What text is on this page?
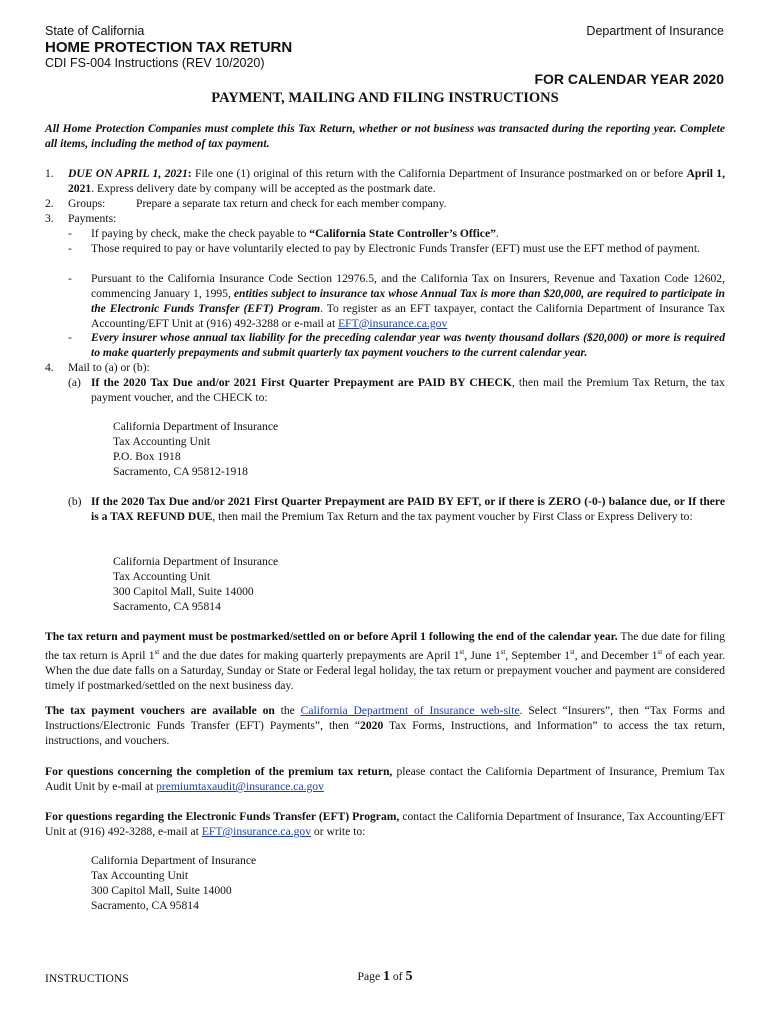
State of California	Department of Insurance
HOME PROTECTION TAX RETURN
CDI FS-004 Instructions (REV 10/2020)
FOR CALENDAR YEAR 2020
PAYMENT, MAILING AND FILING INSTRUCTIONS
All Home Protection Companies must complete this Tax Return, whether or not business was transacted during the reporting year. Complete all items, including the method of tax payment.
1. DUE ON APRIL 1, 2021: File one (1) original of this return with the California Department of Insurance postmarked on or before April 1, 2021. Express delivery date by company will be accepted as the postmark date.
2. Groups:	Prepare a separate tax return and check for each member company.
3. Payments:
- If paying by check, make the check payable to “California State Controller’s Office”.
- Those required to pay or have voluntarily elected to pay by Electronic Funds Transfer (EFT) must use the EFT method of payment.
- Pursuant to the California Insurance Code Section 12976.5, and the California Tax on Insurers, Revenue and Taxation Code 12602, commencing January 1, 1995, entities subject to insurance tax whose Annual Tax is more than $20,000, are required to participate in the Electronic Funds Transfer (EFT) Program. To register as an EFT taxpayer, contact the California Department of Insurance Tax Accounting/EFT Unit at (916) 492-3288 or e-mail at EFT@insurance.ca.gov
- Every insurer whose annual tax liability for the preceding calendar year was twenty thousand dollars ($20,000) or more is required to make quarterly prepayments and submit quarterly tax payment vouchers to the current calendar year.
4. Mail to (a) or (b):
(a) If the 2020 Tax Due and/or 2021 First Quarter Prepayment are PAID BY CHECK, then mail the Premium Tax Return, the tax payment voucher, and the CHECK to:
California Department of Insurance
Tax Accounting Unit
P.O. Box 1918
Sacramento, CA 95812-1918
(b) If the 2020 Tax Due and/or 2021 First Quarter Prepayment are PAID BY EFT, or if there is ZERO (-0-) balance due, or If there is a TAX REFUND DUE, then mail the Premium Tax Return and the tax payment voucher by First Class or Express Delivery to:
California Department of Insurance
Tax Accounting Unit
300 Capitol Mall, Suite 14000
Sacramento, CA 95814
The tax return and payment must be postmarked/settled on or before April 1 following the end of the calendar year. The due date for filing the tax return is April 1st and the due dates for making quarterly prepayments are April 1st, June 1st, September 1st, and December 1st of each year. When the due date falls on a Saturday, Sunday or State or Federal legal holiday, the tax return or prepayment voucher and payment are considered timely if postmarked/settled on the next business day.
The tax payment vouchers are available on the California Department of Insurance web-site. Select “Insurers”, then “Tax Forms and Instructions/Electronic Funds Transfer (EFT) Payments”, then “2020 Tax Forms, Instructions, and Information” to access the tax return, instructions, and vouchers.
For questions concerning the completion of the premium tax return, please contact the California Department of Insurance, Premium Tax Audit Unit by e-mail at premiumtaxaudit@insurance.ca.gov
For questions regarding the Electronic Funds Transfer (EFT) Program, contact the California Department of Insurance, Tax Accounting/EFT Unit at (916) 492-3288, e-mail at EFT@insurance.ca.gov or write to:
California Department of Insurance
Tax Accounting Unit
300 Capitol Mall, Suite 14000
Sacramento, CA 95814
INSTRUCTIONS	Page 1 of 5
